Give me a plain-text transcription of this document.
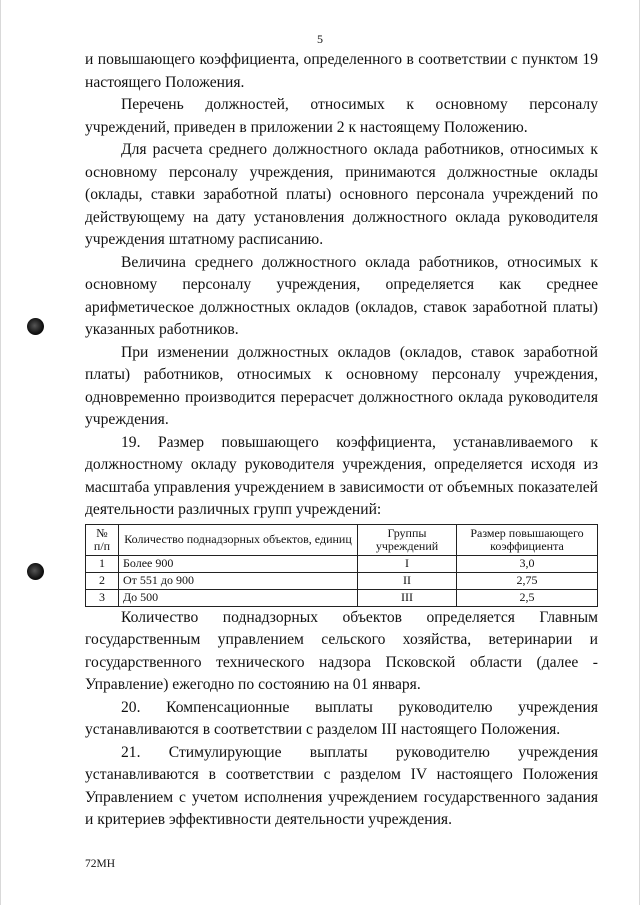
5

и повышающего коэффициента, определенного в соответствии с пунктом 19 настоящего Положения.

Перечень должностей, относимых к основному персоналу учреждений, приведен в приложении 2 к настоящему Положению.

Для расчета среднего должностного оклада работников, относимых к основному персоналу учреждения, принимаются должностные оклады (оклады, ставки заработной платы) основного персонала учреждений по действующему на дату установления должностного оклада руководителя учреждения штатному расписанию.

Величина среднего должностного оклада работников, относимых к основному персоналу учреждения, определяется как среднее арифметическое должностных окладов (окладов, ставок заработной платы) указанных работников.

При изменении должностных окладов (окладов, ставок заработной платы) работников, относимых к основному персоналу учреждения, одновременно производится перерасчет должностного оклада руководителя учреждения.

19. Размер повышающего коэффициента, устанавливаемого к должностному окладу руководителя учреждения, определяется исходя из масштаба управления учреждением в зависимости от объемных показателей деятельности различных групп учреждений:

№ п/п	Количество поднадзорных объектов, единиц	Группы учреждений	Размер повышающего коэффициента
1	Более 900	I	3,0
2	От 551 до 900	II	2,75
3	До 500	III	2,5

Количество поднадзорных объектов определяется Главным государственным управлением сельского хозяйства, ветеринарии и государственного технического надзора Псковской области (далее - Управление) ежегодно по состоянию на 01 января.

20. Компенсационные выплаты руководителю учреждения устанавливаются в соответствии с разделом III настоящего Положения.

21. Стимулирующие выплаты руководителю учреждения устанавливаются в соответствии с разделом IV настоящего Положения Управлением с учетом исполнения учреждением государственного задания и критериев эффективности деятельности учреждения.

72МН
